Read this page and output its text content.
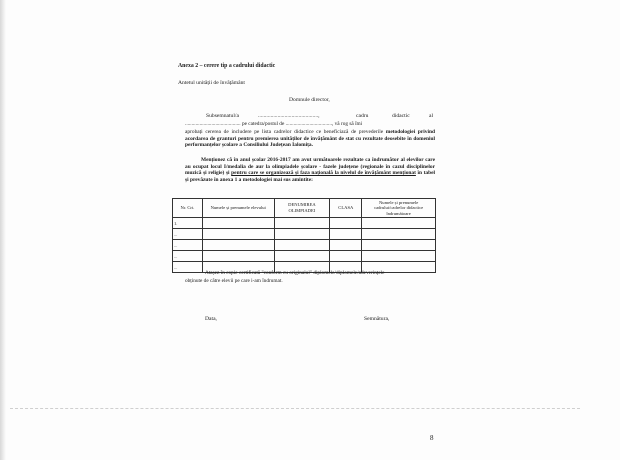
Anexa 2 – cerere tip a cadrului didactic
Antetul unității de învățământ
Domnule director,
Subsemnatul/a	...........................................,	cadru	didactic	al
.......................................... pe catedra/postul de ..................................., vă rog să îmi
aprobați cererea de includere pe lista cadrelor didactice ce beneficiază de prevederile metodologiei privind acordarea de granturi pentru premierea unităților de învățământ de stat cu rezultate deosebite în domeniul performanțelor școlare a Consiliului Județean Ialomița.
Menționez că în anul școlar 2016-2017 am avut următoarele rezultate ca îndrumător al elevilor care au ocupat locul I/medalia de aur la olimpiadele școlare - fazele județene (regionale în cazul disciplinelor muzică și religie) și pentru care se organizează și faza națională la nivelul de învățământ menționat în tabel și prevăzute în anexa 1 a metodologiei mai sus amintite:
Nr. Crt.	Numele și prenumele elevului	DENUMIREA OLIMPIADEI	CLASA	Numele și prenumele cadrului/cadrelor didactice îndrumătoare
1.				
...				
...				
...				
...				
Atașez în copie certificată "conform cu originalul" diplomele/diplomele/adeverințele
obținute de către elevii pe care i-am îndrumat.
Data,	Semnătura,
8
